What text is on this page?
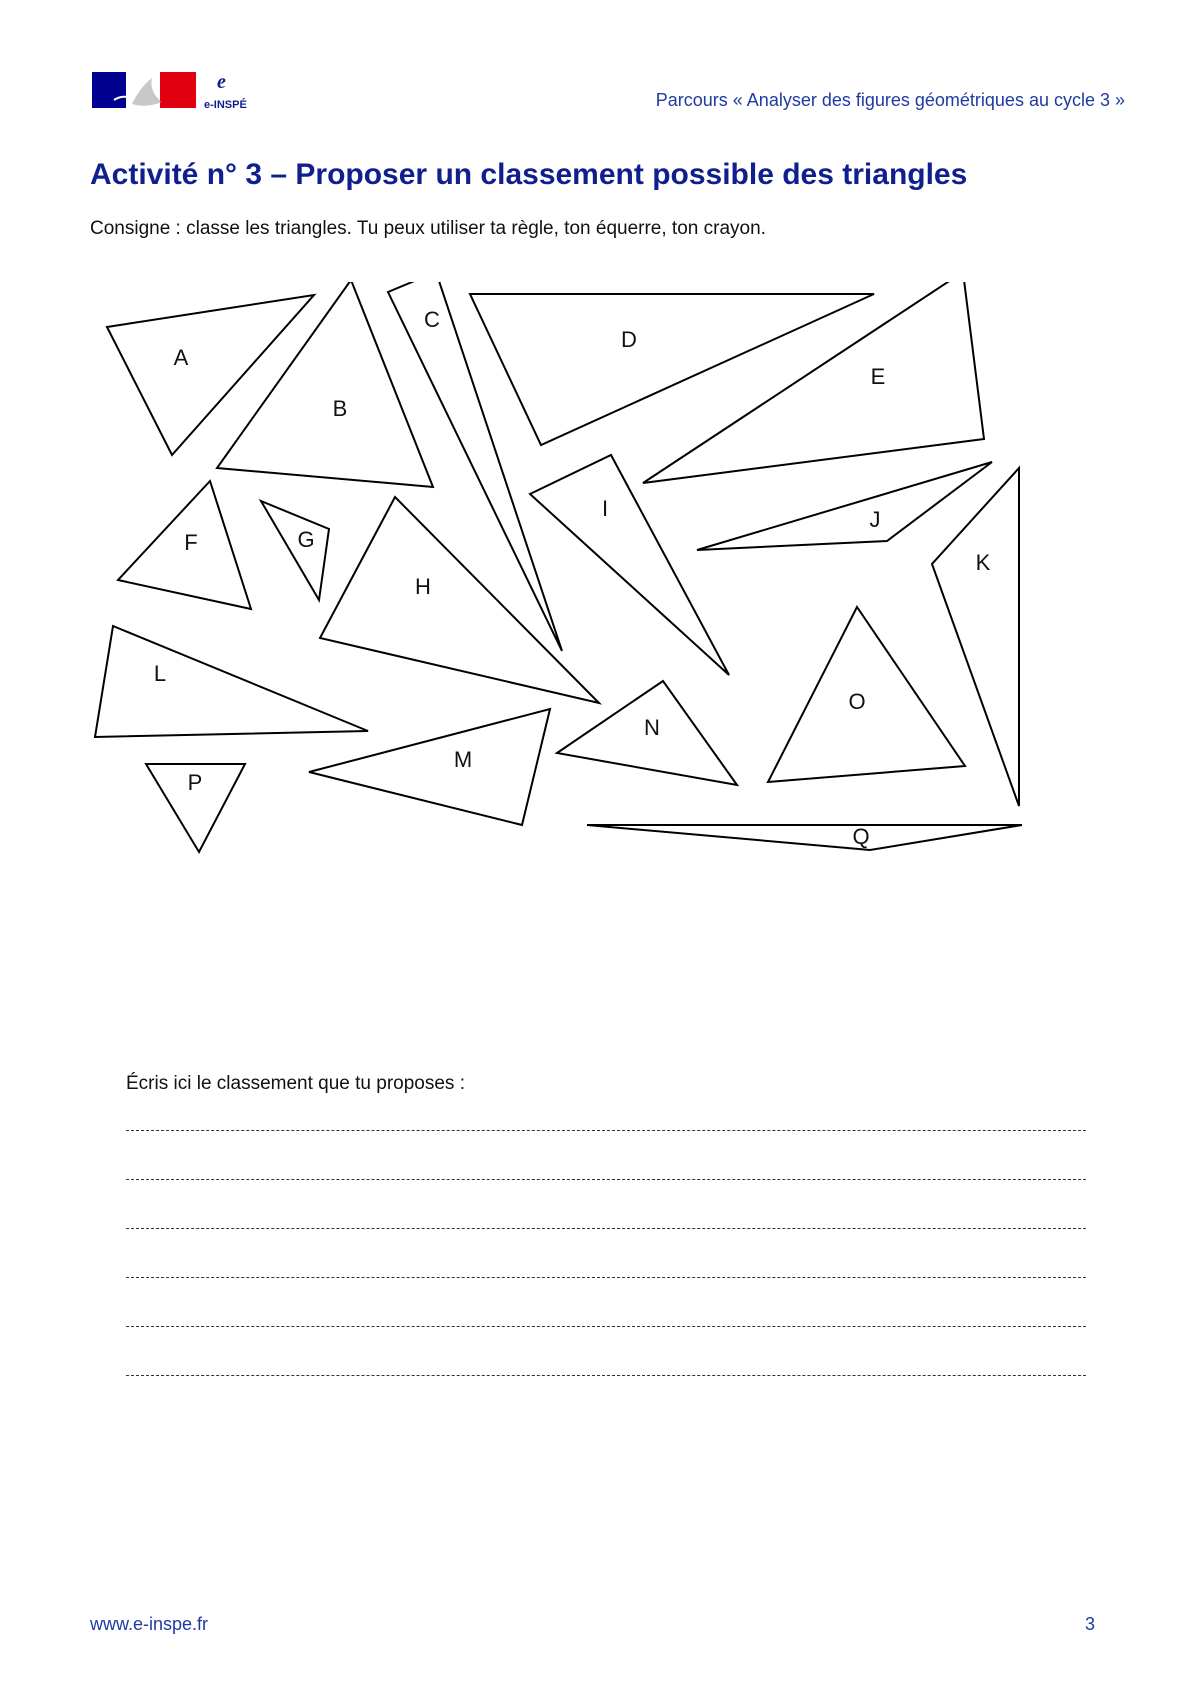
e
e-INSPÉ	Parcours « Analyser des figures géométriques au cycle 3 »
Activité n° 3 – Proposer un classement possible des triangles
Consigne : classe les triangles. Tu peux utiliser ta règle, ton équerre, ton crayon.
A
B
C
D
E
F	G
H
I	J
K
L
M
N
O
P
Q
Écris ici le classement que tu proposes :
www.e-inspe.fr	3
